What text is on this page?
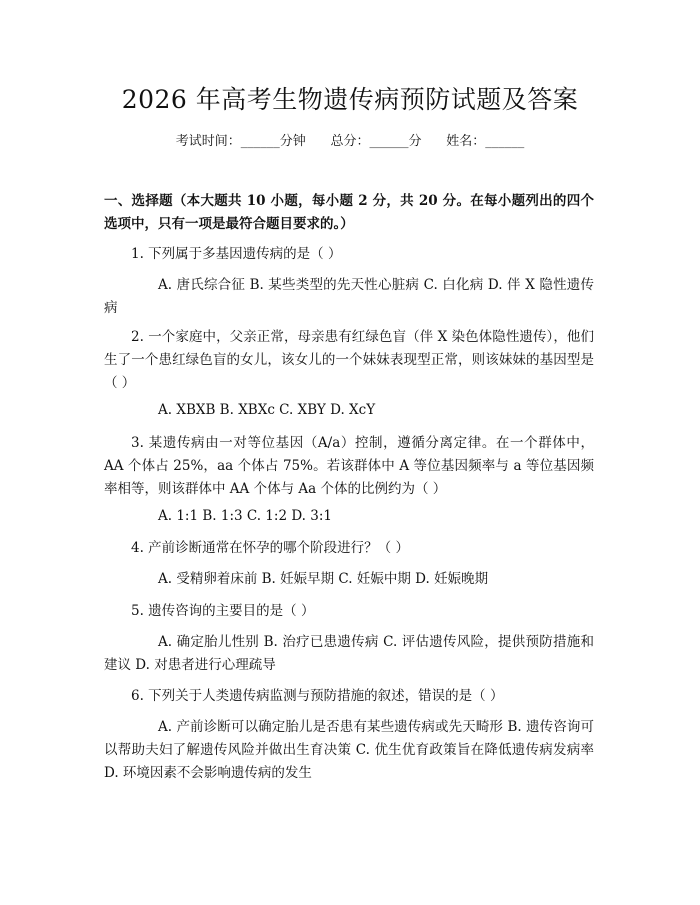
2026 年高考生物遗传病预防试题及答案
考试时间：______分钟      总分：______分      姓名：______
一、选择题（本大题共 10 小题，每小题 2 分，共 20 分。在每小题列出的四个选项中，只有一项是最符合题目要求的。）
1. 下列属于多基因遗传病的是（ ）
A. 唐氏综合征 B. 某些类型的先天性心脏病 C. 白化病 D. 伴 X 隐性遗传病
2. 一个家庭中，父亲正常，母亲患有红绿色盲（伴 X 染色体隐性遗传），他们生了一个患红绿色盲的女儿，该女儿的一个妹妹表现型正常，则该妹妹的基因型是（ ）
A. XBXB B. XBXc C. XBY D. XcY
3. 某遗传病由一对等位基因（A/a）控制，遵循分离定律。在一个群体中，AA 个体占 25%，aa 个体占 75%。若该群体中 A 等位基因频率与 a 等位基因频率相等，则该群体中 AA 个体与 Aa 个体的比例约为（ ）
A. 1:1 B. 1:3 C. 1:2 D. 3:1
4. 产前诊断通常在怀孕的哪个阶段进行？（ ）
A. 受精卵着床前 B. 妊娠早期 C. 妊娠中期 D. 妊娠晚期
5. 遗传咨询的主要目的是（ ）
A. 确定胎儿性别 B. 治疗已患遗传病 C. 评估遗传风险，提供预防措施和建议 D. 对患者进行心理疏导
6. 下列关于人类遗传病监测与预防措施的叙述，错误的是（ ）
A. 产前诊断可以确定胎儿是否患有某些遗传病或先天畸形 B. 遗传咨询可以帮助夫妇了解遗传风险并做出生育决策 C. 优生优育政策旨在降低遗传病发病率 D. 环境因素不会影响遗传病的发生
